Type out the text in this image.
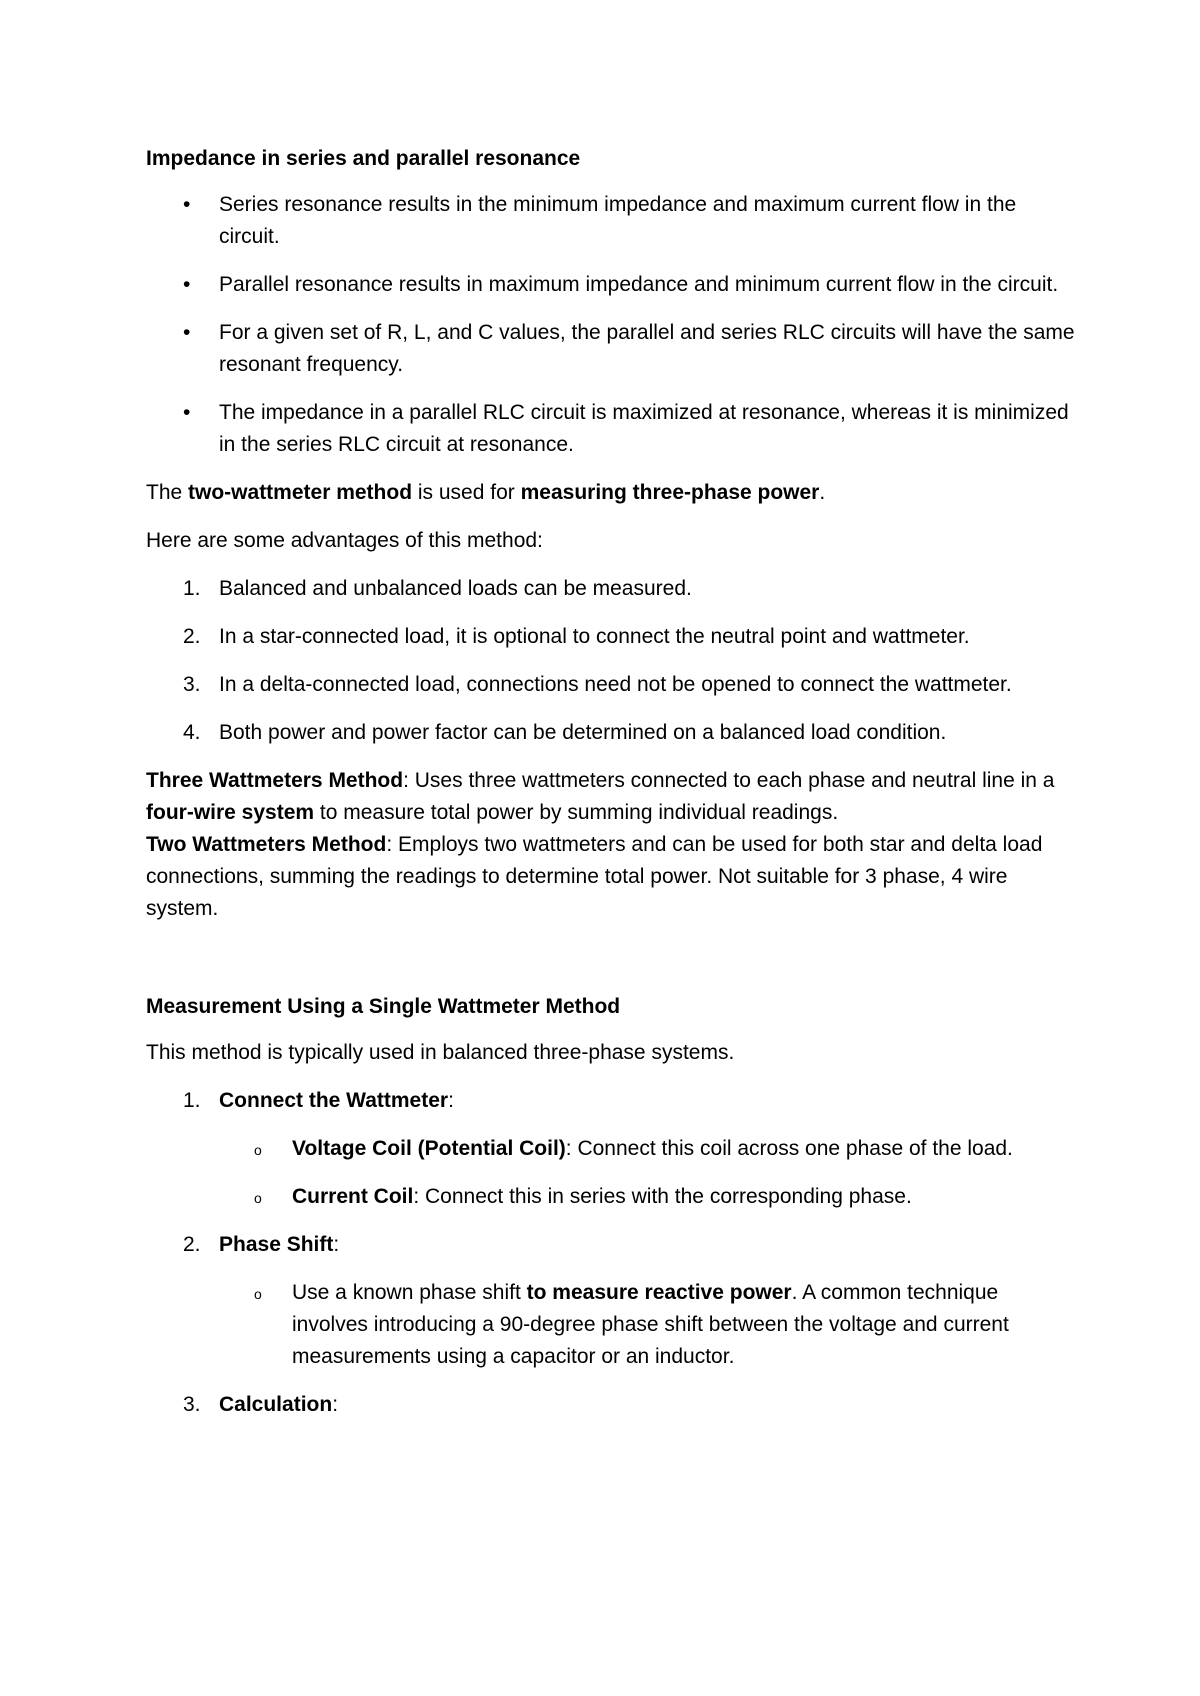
Impedance in series and parallel resonance
•	Series resonance results in the minimum impedance and maximum current flow in the circuit.
•	Parallel resonance results in maximum impedance and minimum current flow in the circuit.
•	For a given set of R, L, and C values, the parallel and series RLC circuits will have the same resonant frequency.
•	The impedance in a parallel RLC circuit is maximized at resonance, whereas it is minimized in the series RLC circuit at resonance.

The two-wattmeter method is used for measuring three-phase power.

Here are some advantages of this method:

1. Balanced and unbalanced loads can be measured.
2. In a star-connected load, it is optional to connect the neutral point and wattmeter.
3. In a delta-connected load, connections need not be opened to connect the wattmeter.
4. Both power and power factor can be determined on a balanced load condition.
Three Wattmeters Method: Uses three wattmeters connected to each phase and neutral line in a four-wire system to measure total power by summing individual readings.
Two Wattmeters Method: Employs two wattmeters and can be used for both star and delta load connections, summing the readings to determine total power. Not suitable for 3 phase, 4 wire system.
Measurement Using a Single Wattmeter Method

This method is typically used in balanced three-phase systems.

1. Connect the Wattmeter:
o Voltage Coil (Potential Coil): Connect this coil across one phase of the load.
o Current Coil: Connect this in series with the corresponding phase.
2. Phase Shift:
o Use a known phase shift to measure reactive power. A common technique involves introducing a 90-degree phase shift between the voltage and current measurements using a capacitor or an inductor.
3. Calculation:
